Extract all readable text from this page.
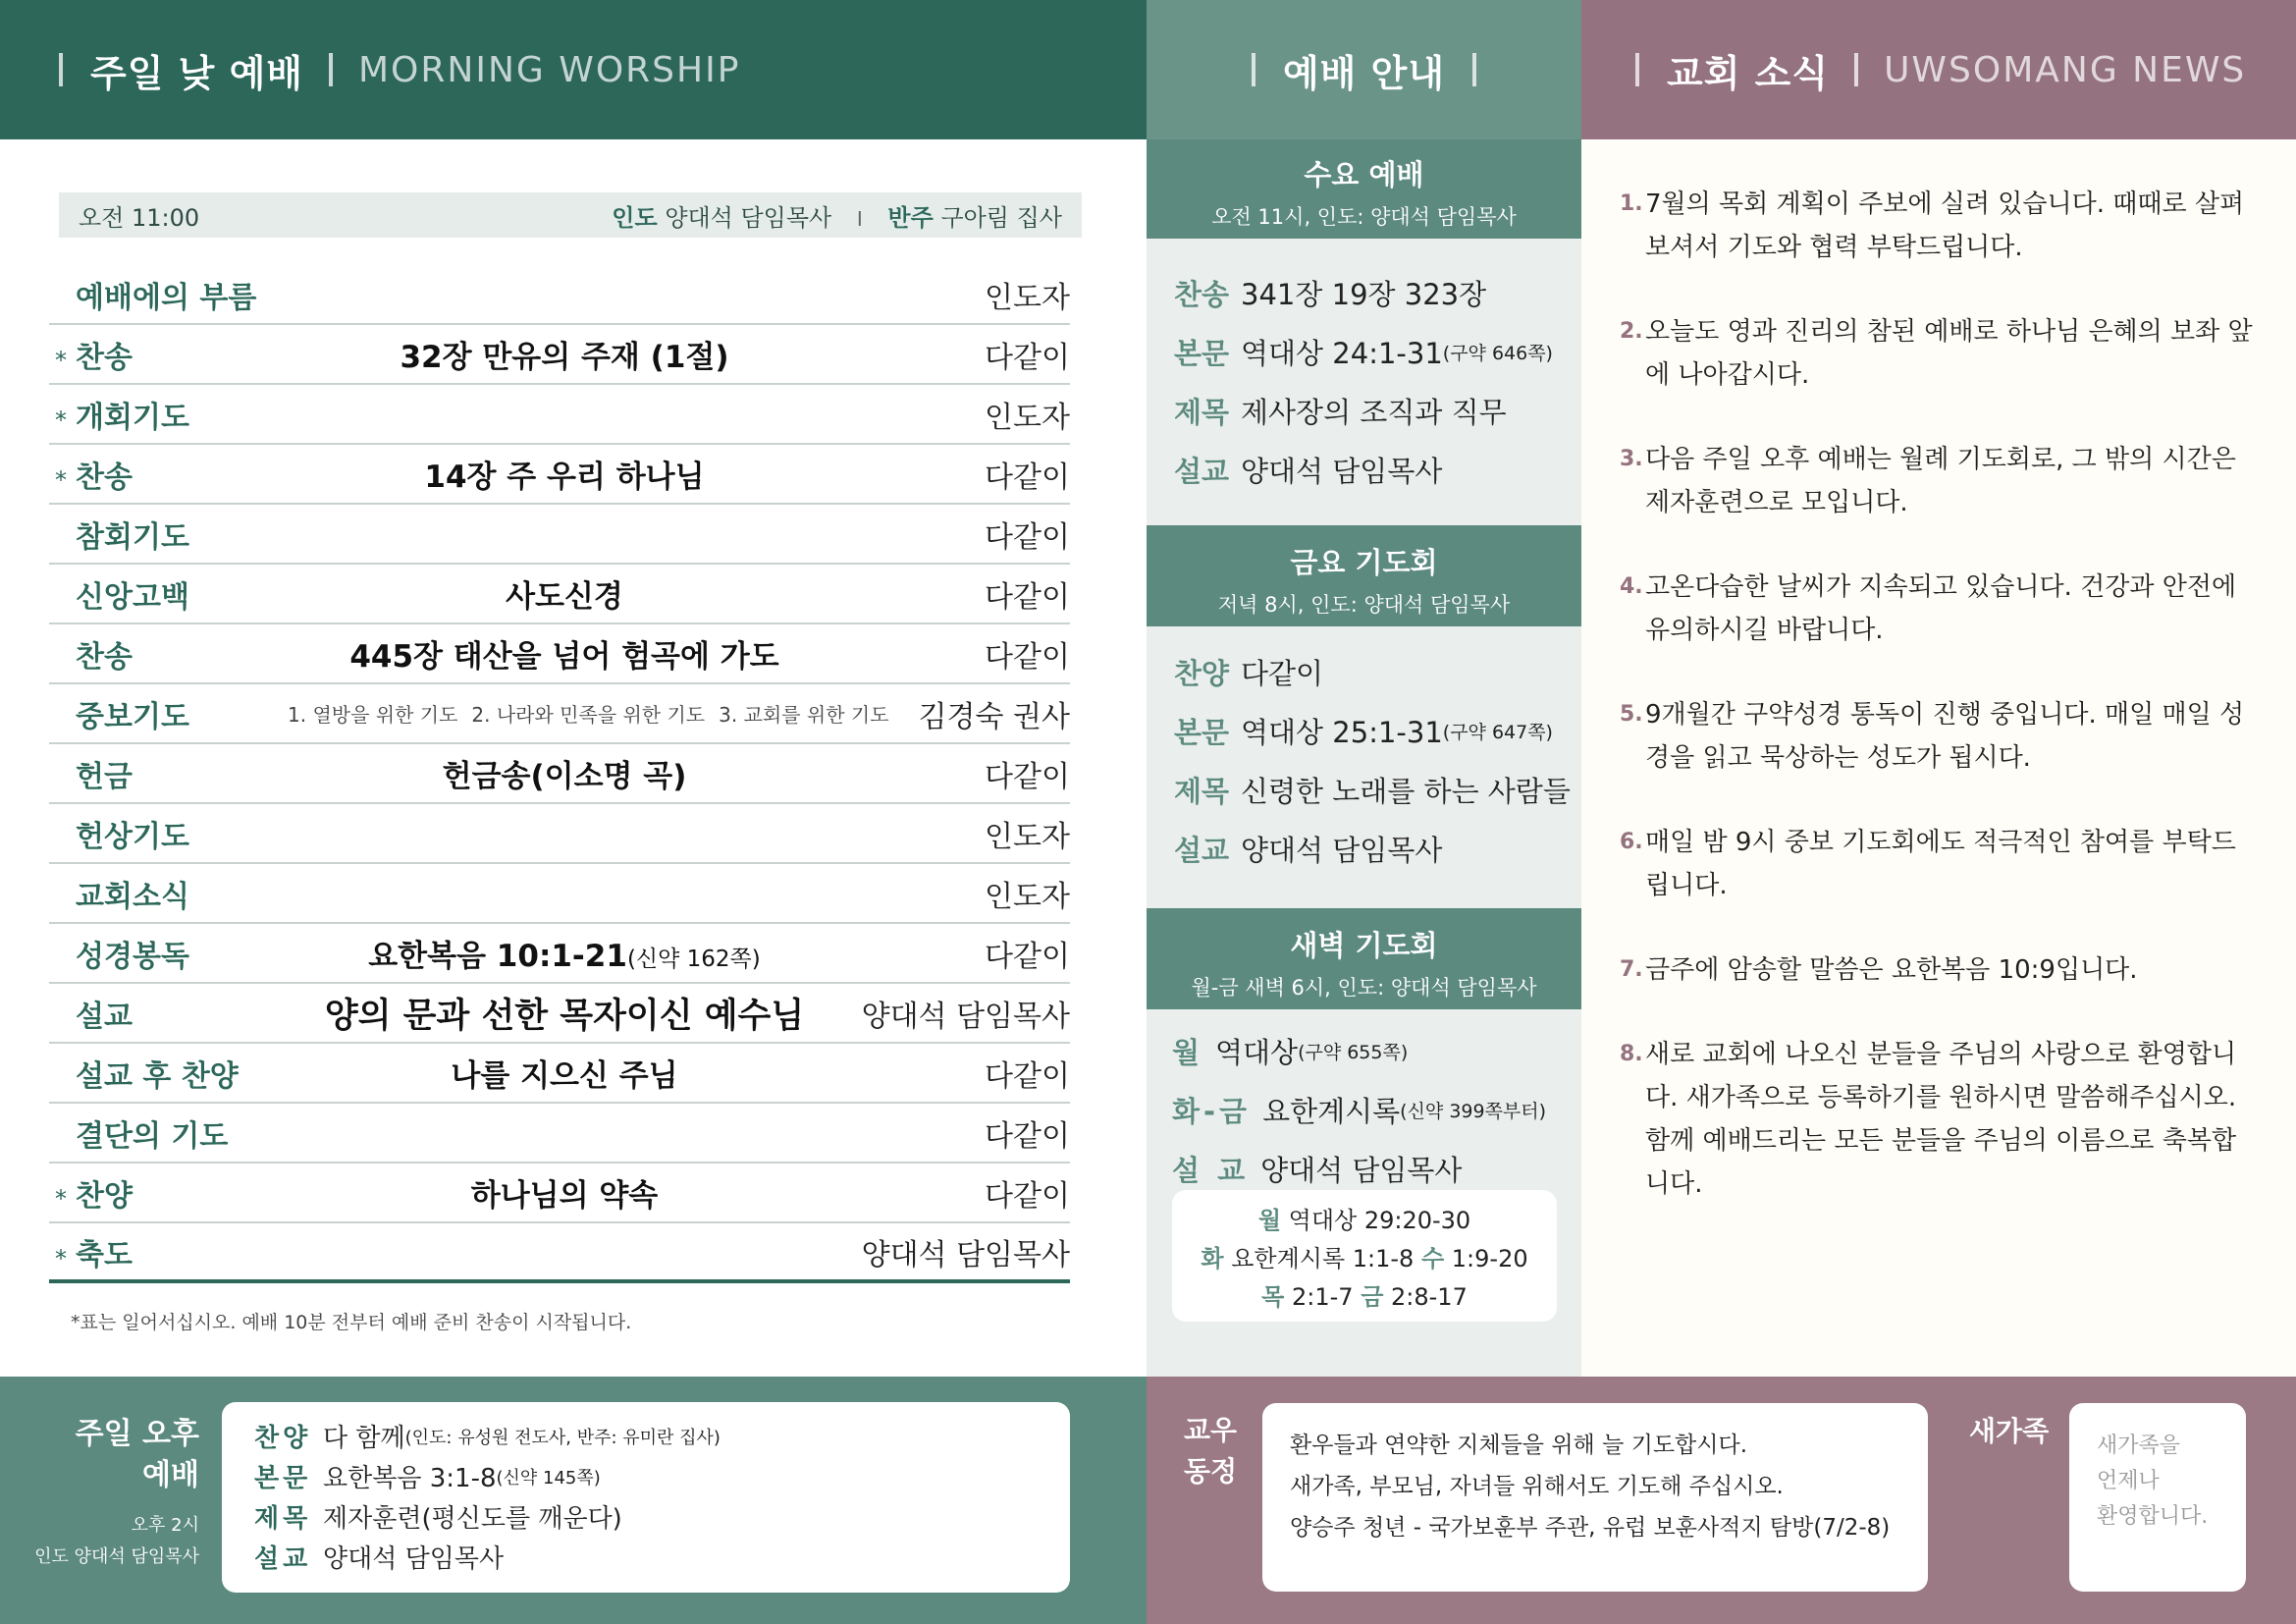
주일 낮 예배 MORNING WORSHIP	예배 안내	교회 소식 UWSOMANG NEWS
오전 11:00	인도 양대석 담임목사 I 반주 구아림 집사
예배에의 부름	인도자
* 찬송	32장 만유의 주재 (1절)	다같이
* 개회기도	인도자
* 찬송	14장 주 우리 하나님	다같이
참회기도	다같이
신앙고백	사도신경	다같이
찬송	445장 태산을 넘어 험곡에 가도	다같이
중보기도	1. 열방을 위한 기도 2. 나라와 민족을 위한 기도 3. 교회를 위한 기도	김경숙 권사
헌금	헌금송(이소명 곡)	다같이
헌상기도	인도자
교회소식	인도자
성경봉독	요한복음 10:1-21(신약 162쪽)	다같이
설교	양의 문과 선한 목자이신 예수님	양대석 담임목사
설교 후 찬양	나를 지으신 주님	다같이
결단의 기도	다같이
* 찬양	하나님의 약속	다같이
* 축도	양대석 담임목사
*표는 일어서십시오. 예배 10분 전부터 예배 준비 찬송이 시작됩니다.
주일 오후
예배
오후 2시
인도 양대석 담임목사
찬양 다 함께 (인도: 유성원 전도사, 반주: 유미란 집사)
본문 요한복음 3:1-8 (신약 145쪽)
제목 제자훈련(평신도를 깨운다)
설교 양대석 담임목사
수요 예배
오전 11시, 인도: 양대석 담임목사
찬송 341장 19장 323장
본문 역대상 24:1-31 (구약 646쪽)
제목 제사장의 조직과 직무
설교 양대석 담임목사
금요 기도회
저녁 8시, 인도: 양대석 담임목사
찬양 다같이
본문 역대상 25:1-31 (구약 647쪽)
제목 신령한 노래를 하는 사람들
설교 양대석 담임목사
새벽 기도회
월-금 새벽 6시, 인도: 양대석 담임목사
월 역대상 (구약 655쪽)
화-금 요한계시록 (신약 399쪽부터)
설 교 양대석 담임목사
월 역대상 29:20-30
화 요한계시록 1:1-8 수 1:9-20
목 2:1-7 금 2:8-17
1. 7월의 목회 계획이 주보에 실려 있습니다. 때때로 살펴보셔서 기도와 협력 부탁드립니다.
2. 오늘도 영과 진리의 참된 예배로 하나님 은혜의 보좌 앞에 나아갑시다.
3. 다음 주일 오후 예배는 월례 기도회로, 그 밖의 시간은 제자훈련으로 모입니다.
4. 고온다습한 날씨가 지속되고 있습니다. 건강과 안전에 유의하시길 바랍니다.
5. 9개월간 구약성경 통독이 진행 중입니다. 매일 매일 성경을 읽고 묵상하는 성도가 됩시다.
6. 매일 밤 9시 중보 기도회에도 적극적인 참여를 부탁드립니다.
7. 금주에 암송할 말씀은 요한복음 10:9입니다.
8. 새로 교회에 나오신 분들을 주님의 사랑으로 환영합니다. 새가족으로 등록하기를 원하시면 말씀해주십시오. 함께 예배드리는 모든 분들을 주님의 이름으로 축복합니다.
교우
동정
환우들과 연약한 지체들을 위해 늘 기도합시다.
새가족, 부모님, 자녀들 위해서도 기도해 주십시오.
양승주 청년 - 국가보훈부 주관, 유럽 보훈사적지 탐방(7/2-8)
새가족 새가족을
언제나
환영합니다.
